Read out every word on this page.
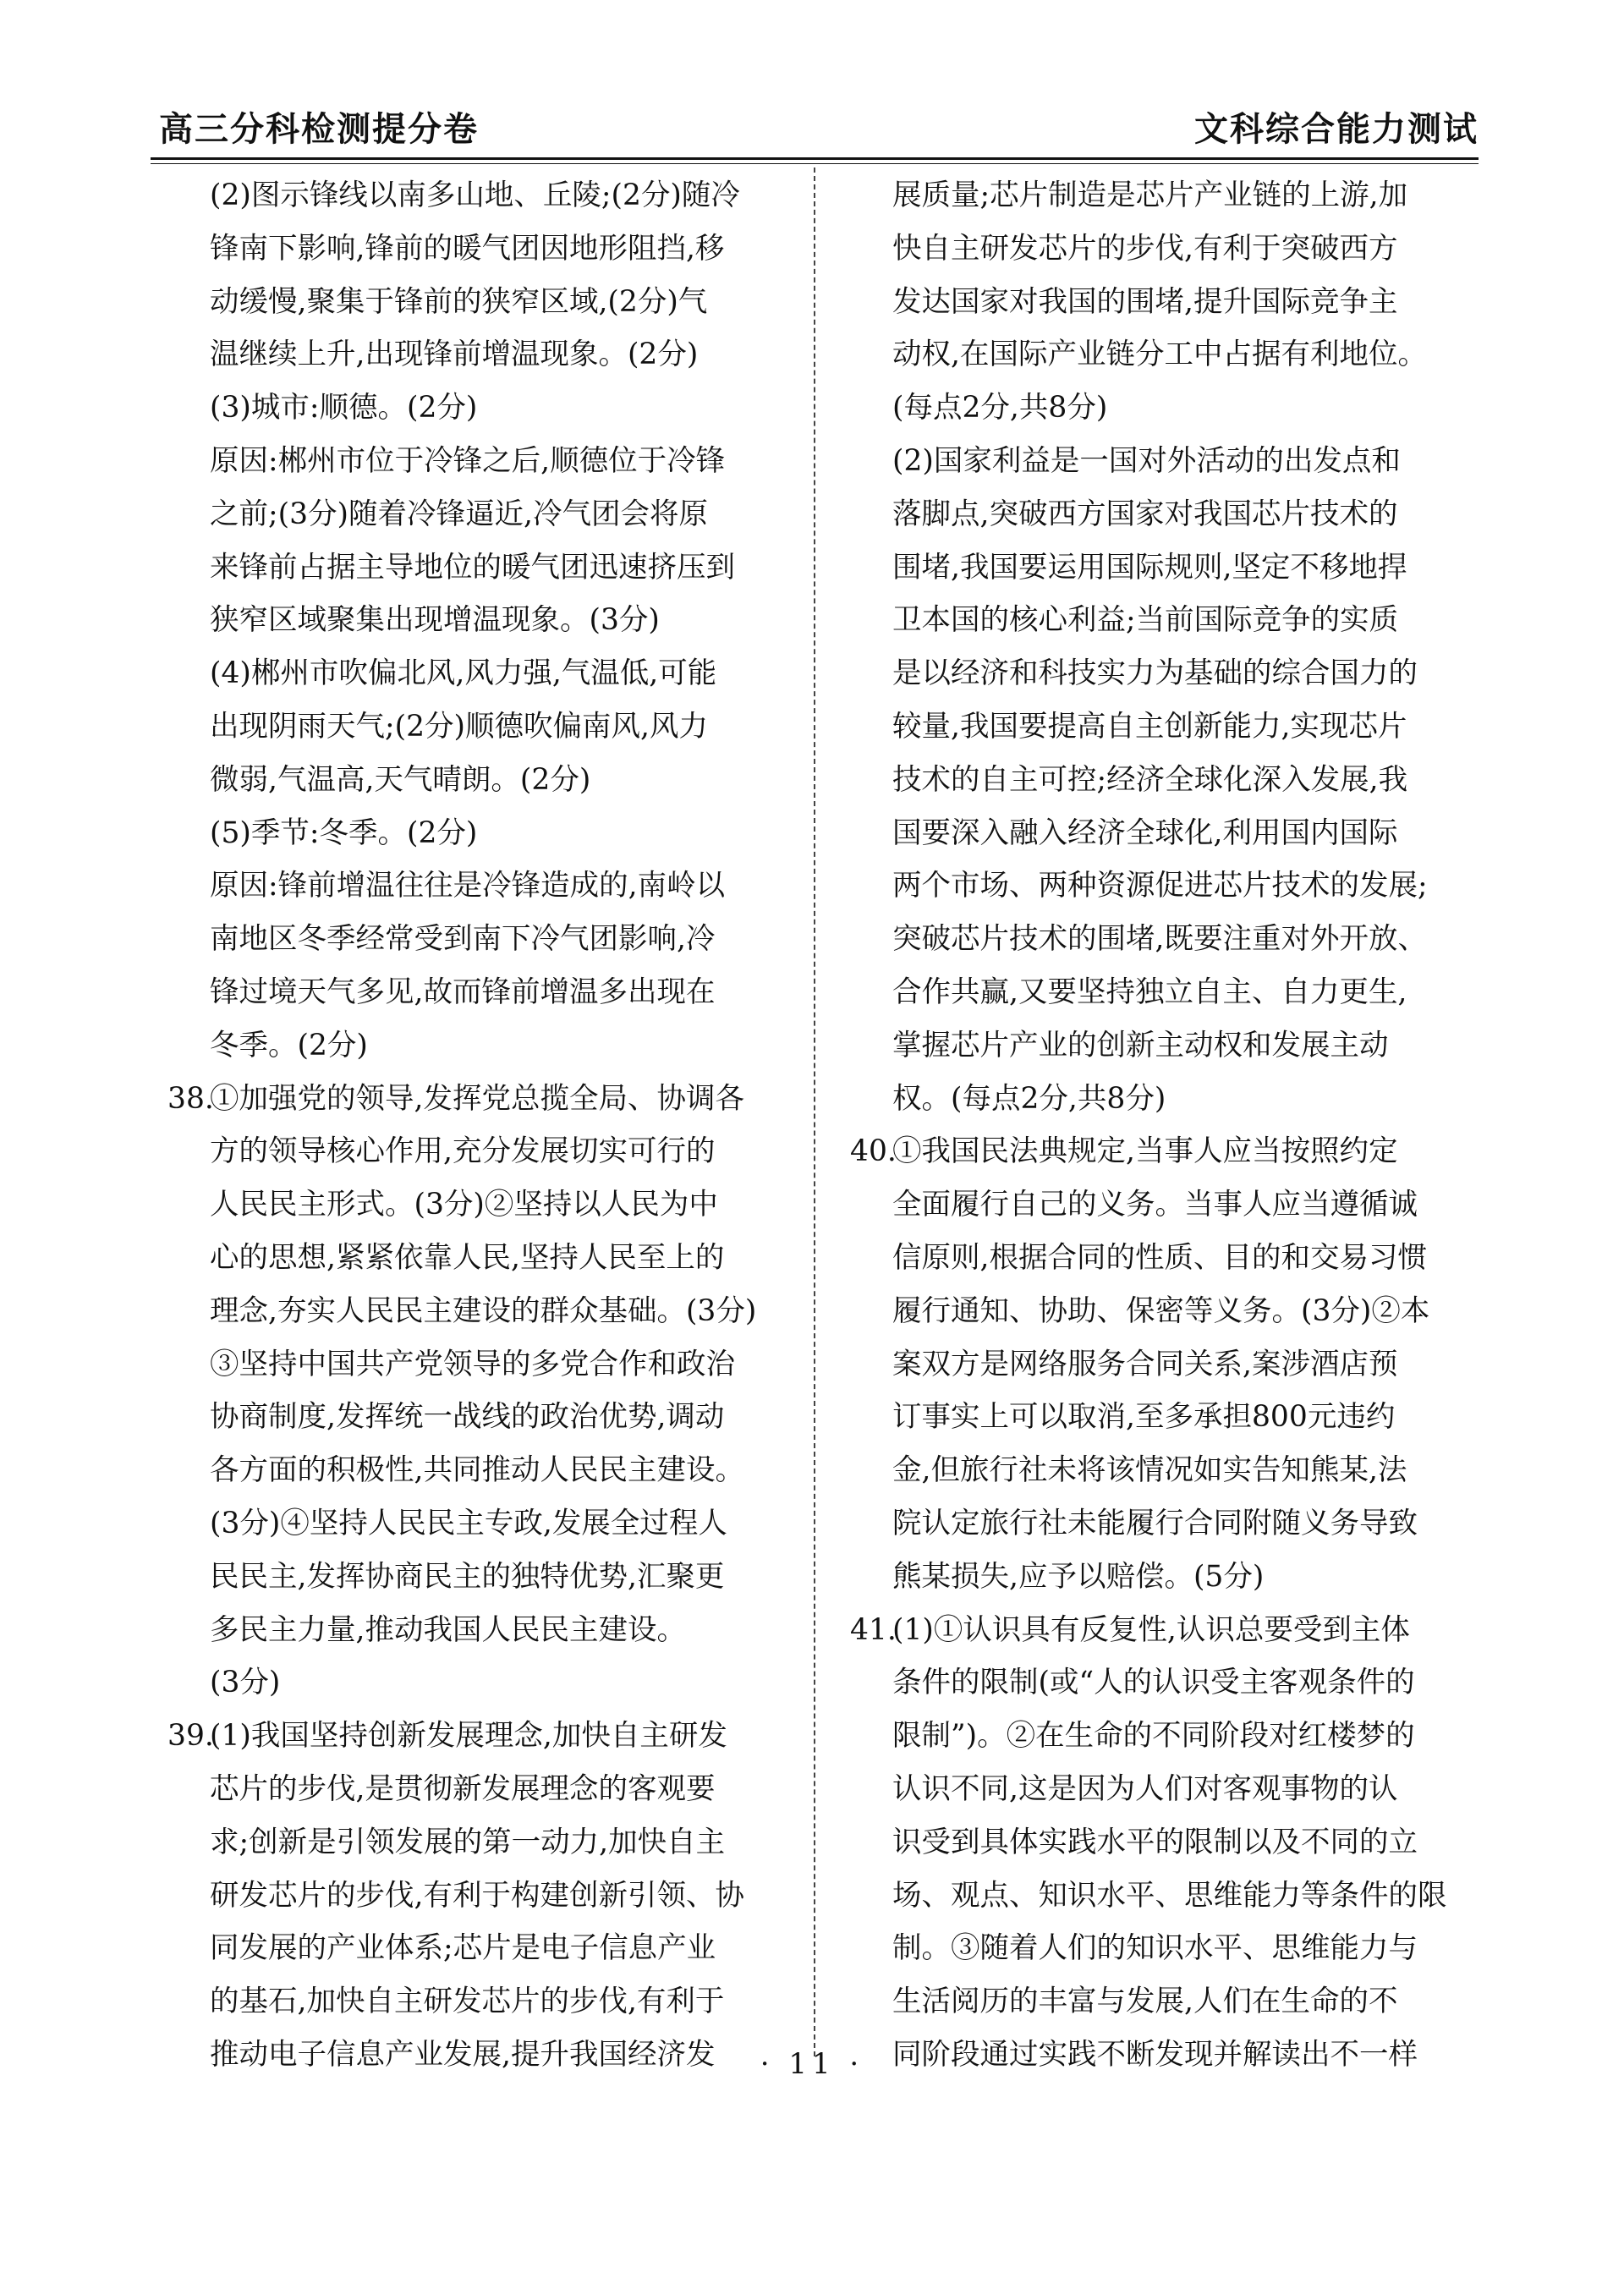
高三分科检测提分卷	文科综合能力测试
(2)图示锋线以南多山地、丘陵;(2分)随冷
锋南下影响,锋前的暖气团因地形阻挡,移
动缓慢,聚集于锋前的狭窄区域,(2分)气
温继续上升,出现锋前增温现象。(2分)
(3)城市:顺德。(2分)
原因:郴州市位于冷锋之后,顺德位于冷锋
之前;(3分)随着冷锋逼近,冷气团会将原
来锋前占据主导地位的暖气团迅速挤压到
狭窄区域聚集出现增温现象。(3分)
(4)郴州市吹偏北风,风力强,气温低,可能
出现阴雨天气;(2分)顺德吹偏南风,风力
微弱,气温高,天气晴朗。(2分)
(5)季节:冬季。(2分)
原因:锋前增温往往是冷锋造成的,南岭以
南地区冬季经常受到南下冷气团影响,冷
锋过境天气多见,故而锋前增温多出现在
冬季。(2分)
38.
①加强党的领导,发挥党总揽全局、协调各
方的领导核心作用,充分发展切实可行的
人民民主形式。(3分)②坚持以人民为中
心的思想,紧紧依靠人民,坚持人民至上的
理念,夯实人民民主建设的群众基础。(3分)
③坚持中国共产党领导的多党合作和政治
协商制度,发挥统一战线的政治优势,调动
各方面的积极性,共同推动人民民主建设。
(3分)④坚持人民民主专政,发展全过程人
民民主,发挥协商民主的独特优势,汇聚更
多民主力量,推动我国人民民主建设。
(3分)
39.
(1)我国坚持创新发展理念,加快自主研发
芯片的步伐,是贯彻新发展理念的客观要
求;创新是引领发展的第一动力,加快自主
研发芯片的步伐,有利于构建创新引领、协
同发展的产业体系;芯片是电子信息产业
的基石,加快自主研发芯片的步伐,有利于
推动电子信息产业发展,提升我国经济发
展质量;芯片制造是芯片产业链的上游,加
快自主研发芯片的步伐,有利于突破西方
发达国家对我国的围堵,提升国际竞争主
动权,在国际产业链分工中占据有利地位。
(每点2分,共8分)
(2)国家利益是一国对外活动的出发点和
落脚点,突破西方国家对我国芯片技术的
围堵,我国要运用国际规则,坚定不移地捍
卫本国的核心利益;当前国际竞争的实质
是以经济和科技实力为基础的综合国力的
较量,我国要提高自主创新能力,实现芯片
技术的自主可控;经济全球化深入发展,我
国要深入融入经济全球化,利用国内国际
两个市场、两种资源促进芯片技术的发展;
突破芯片技术的围堵,既要注重对外开放、
合作共赢,又要坚持独立自主、自力更生,
掌握芯片产业的创新主动权和发展主动
权。(每点2分,共8分)
40.
①我国民法典规定,当事人应当按照约定
全面履行自己的义务。当事人应当遵循诚
信原则,根据合同的性质、目的和交易习惯
履行通知、协助、保密等义务。(3分)②本
案双方是网络服务合同关系,案涉酒店预
订事实上可以取消,至多承担800元违约
金,但旅行社未将该情况如实告知熊某,法
院认定旅行社未能履行合同附随义务导致
熊某损失,应予以赔偿。(5分)
41.
(1)①认识具有反复性,认识总要受到主体
条件的限制(或“人的认识受主客观条件的
限制”)。②在生命的不同阶段对红楼梦的
认识不同,这是因为人们对客观事物的认
识受到具体实践水平的限制以及不同的立
场、观点、知识水平、思维能力等条件的限
制。③随着人们的知识水平、思维能力与
生活阅历的丰富与发展,人们在生命的不
同阶段通过实践不断发现并解读出不一样
· 11 ·
